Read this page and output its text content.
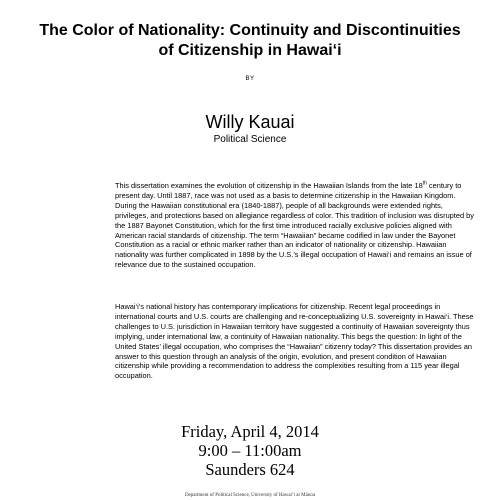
The Color of Nationality: Continuity and Discontinuities
of Citizenship in Hawai‘i
BY
Willy Kauai
Political Science
This dissertation examines the evolution of citizenship in the Hawaiian Islands from the late 18th century to present day. Until 1887, race was not used as a basis to determine citizenship in the Hawaiian Kingdom. During the Hawaiian constitutional era (1840-1887), people of all backgrounds were extended rights, privileges, and protections based on allegiance regardless of color. This tradition of inclusion was disrupted by the 1887 Bayonet Constitution, which for the first time introduced racially exclusive policies aligned with American racial standards of citizenship. The term “Hawaiian” became codified in law under the Bayonet Constitution as a racial or ethnic marker rather than an indicator of nationality or citizenship. Hawaiian nationality was further complicated in 1898 by the U.S.’s illegal occupation of Hawai‘i and remains an issue of relevance due to the sustained occupation.
Hawai‘i’s national history has contemporary implications for citizenship. Recent legal proceedings in international courts and U.S. courts are challenging and re-conceptualizing U.S. sovereignty in Hawai‘i. These challenges to U.S. jurisdiction in Hawaiian territory have suggested a continuity of Hawaiian sovereignty thus implying, under international law, a continuity of Hawaiian nationality. This begs the question: In light of the United States’ illegal occupation, who comprises the “Hawaiian” citizenry today? This dissertation provides an answer to this question through an analysis of the origin, evolution, and present condition of Hawaiian citizenship while providing a recommendation to address the complexities resulting from a 115 year illegal occupation.
Friday, April 4, 2014
9:00 – 11:00am
Saunders 624
Department of Political Science, University of Hawai‘i at Mānoa
